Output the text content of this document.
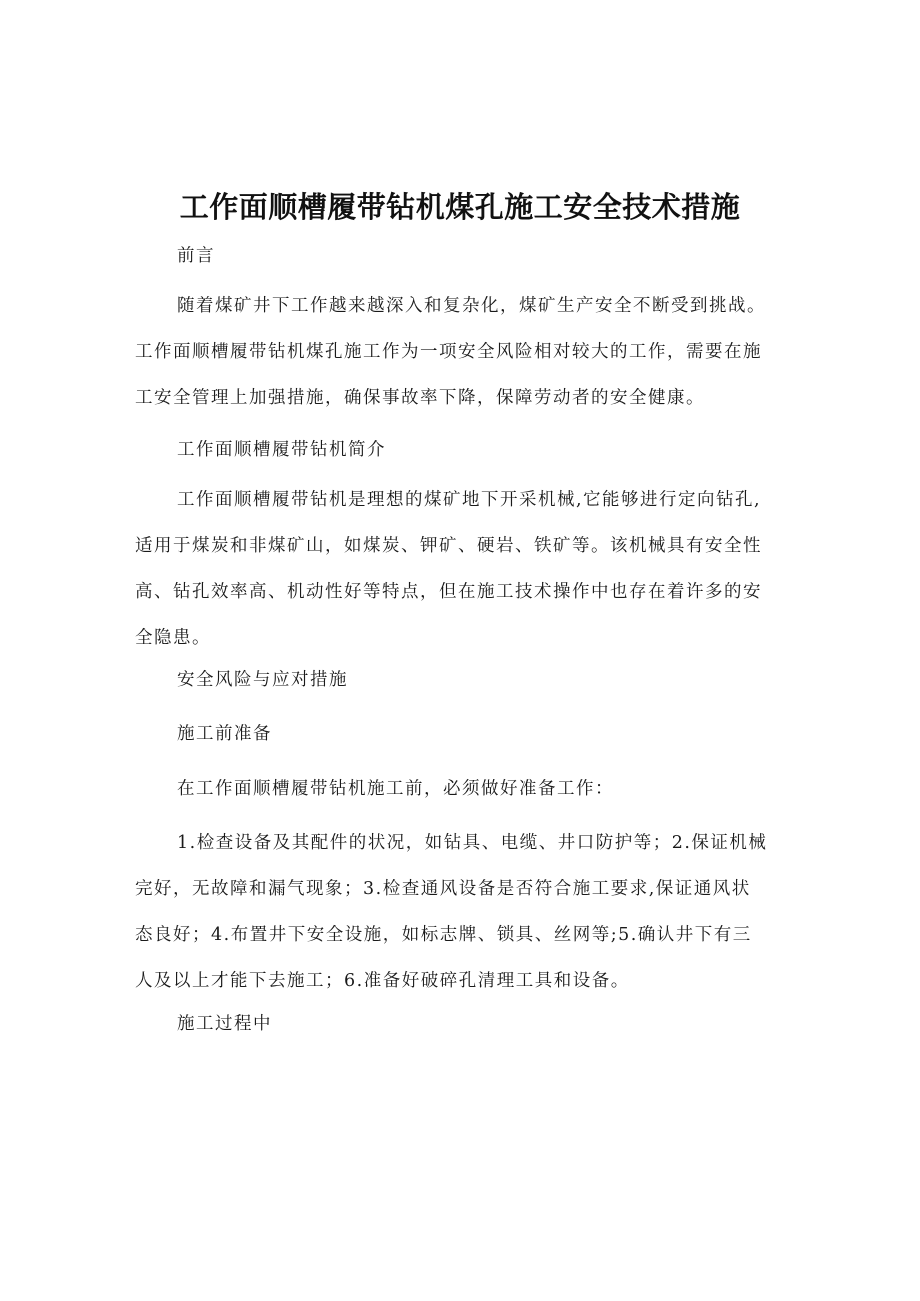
工作面顺槽履带钻机煤孔施工安全技术措施
前言
随着煤矿井下工作越来越深入和复杂化，煤矿生产安全不断受到挑战。
工作面顺槽履带钻机煤孔施工作为一项安全风险相对较大的工作，需要在施
工安全管理上加强措施，确保事故率下降，保障劳动者的安全健康。
工作面顺槽履带钻机简介
工作面顺槽履带钻机是理想的煤矿地下开采机械,它能够进行定向钻孔,
适用于煤炭和非煤矿山，如煤炭、钾矿、硬岩、铁矿等。该机械具有安全性
高、钻孔效率高、机动性好等特点，但在施工技术操作中也存在着许多的安
全隐患。
安全风险与应对措施
施工前准备
在工作面顺槽履带钻机施工前，必须做好准备工作：
1.检查设备及其配件的状况，如钻具、电缆、井口防护等；2.保证机械
完好，无故障和漏气现象；3.检查通风设备是否符合施工要求,保证通风状
态良好；4.布置井下安全设施，如标志牌、锁具、丝网等;5.确认井下有三
人及以上才能下去施工；6.准备好破碎孔清理工具和设备。
施工过程中
